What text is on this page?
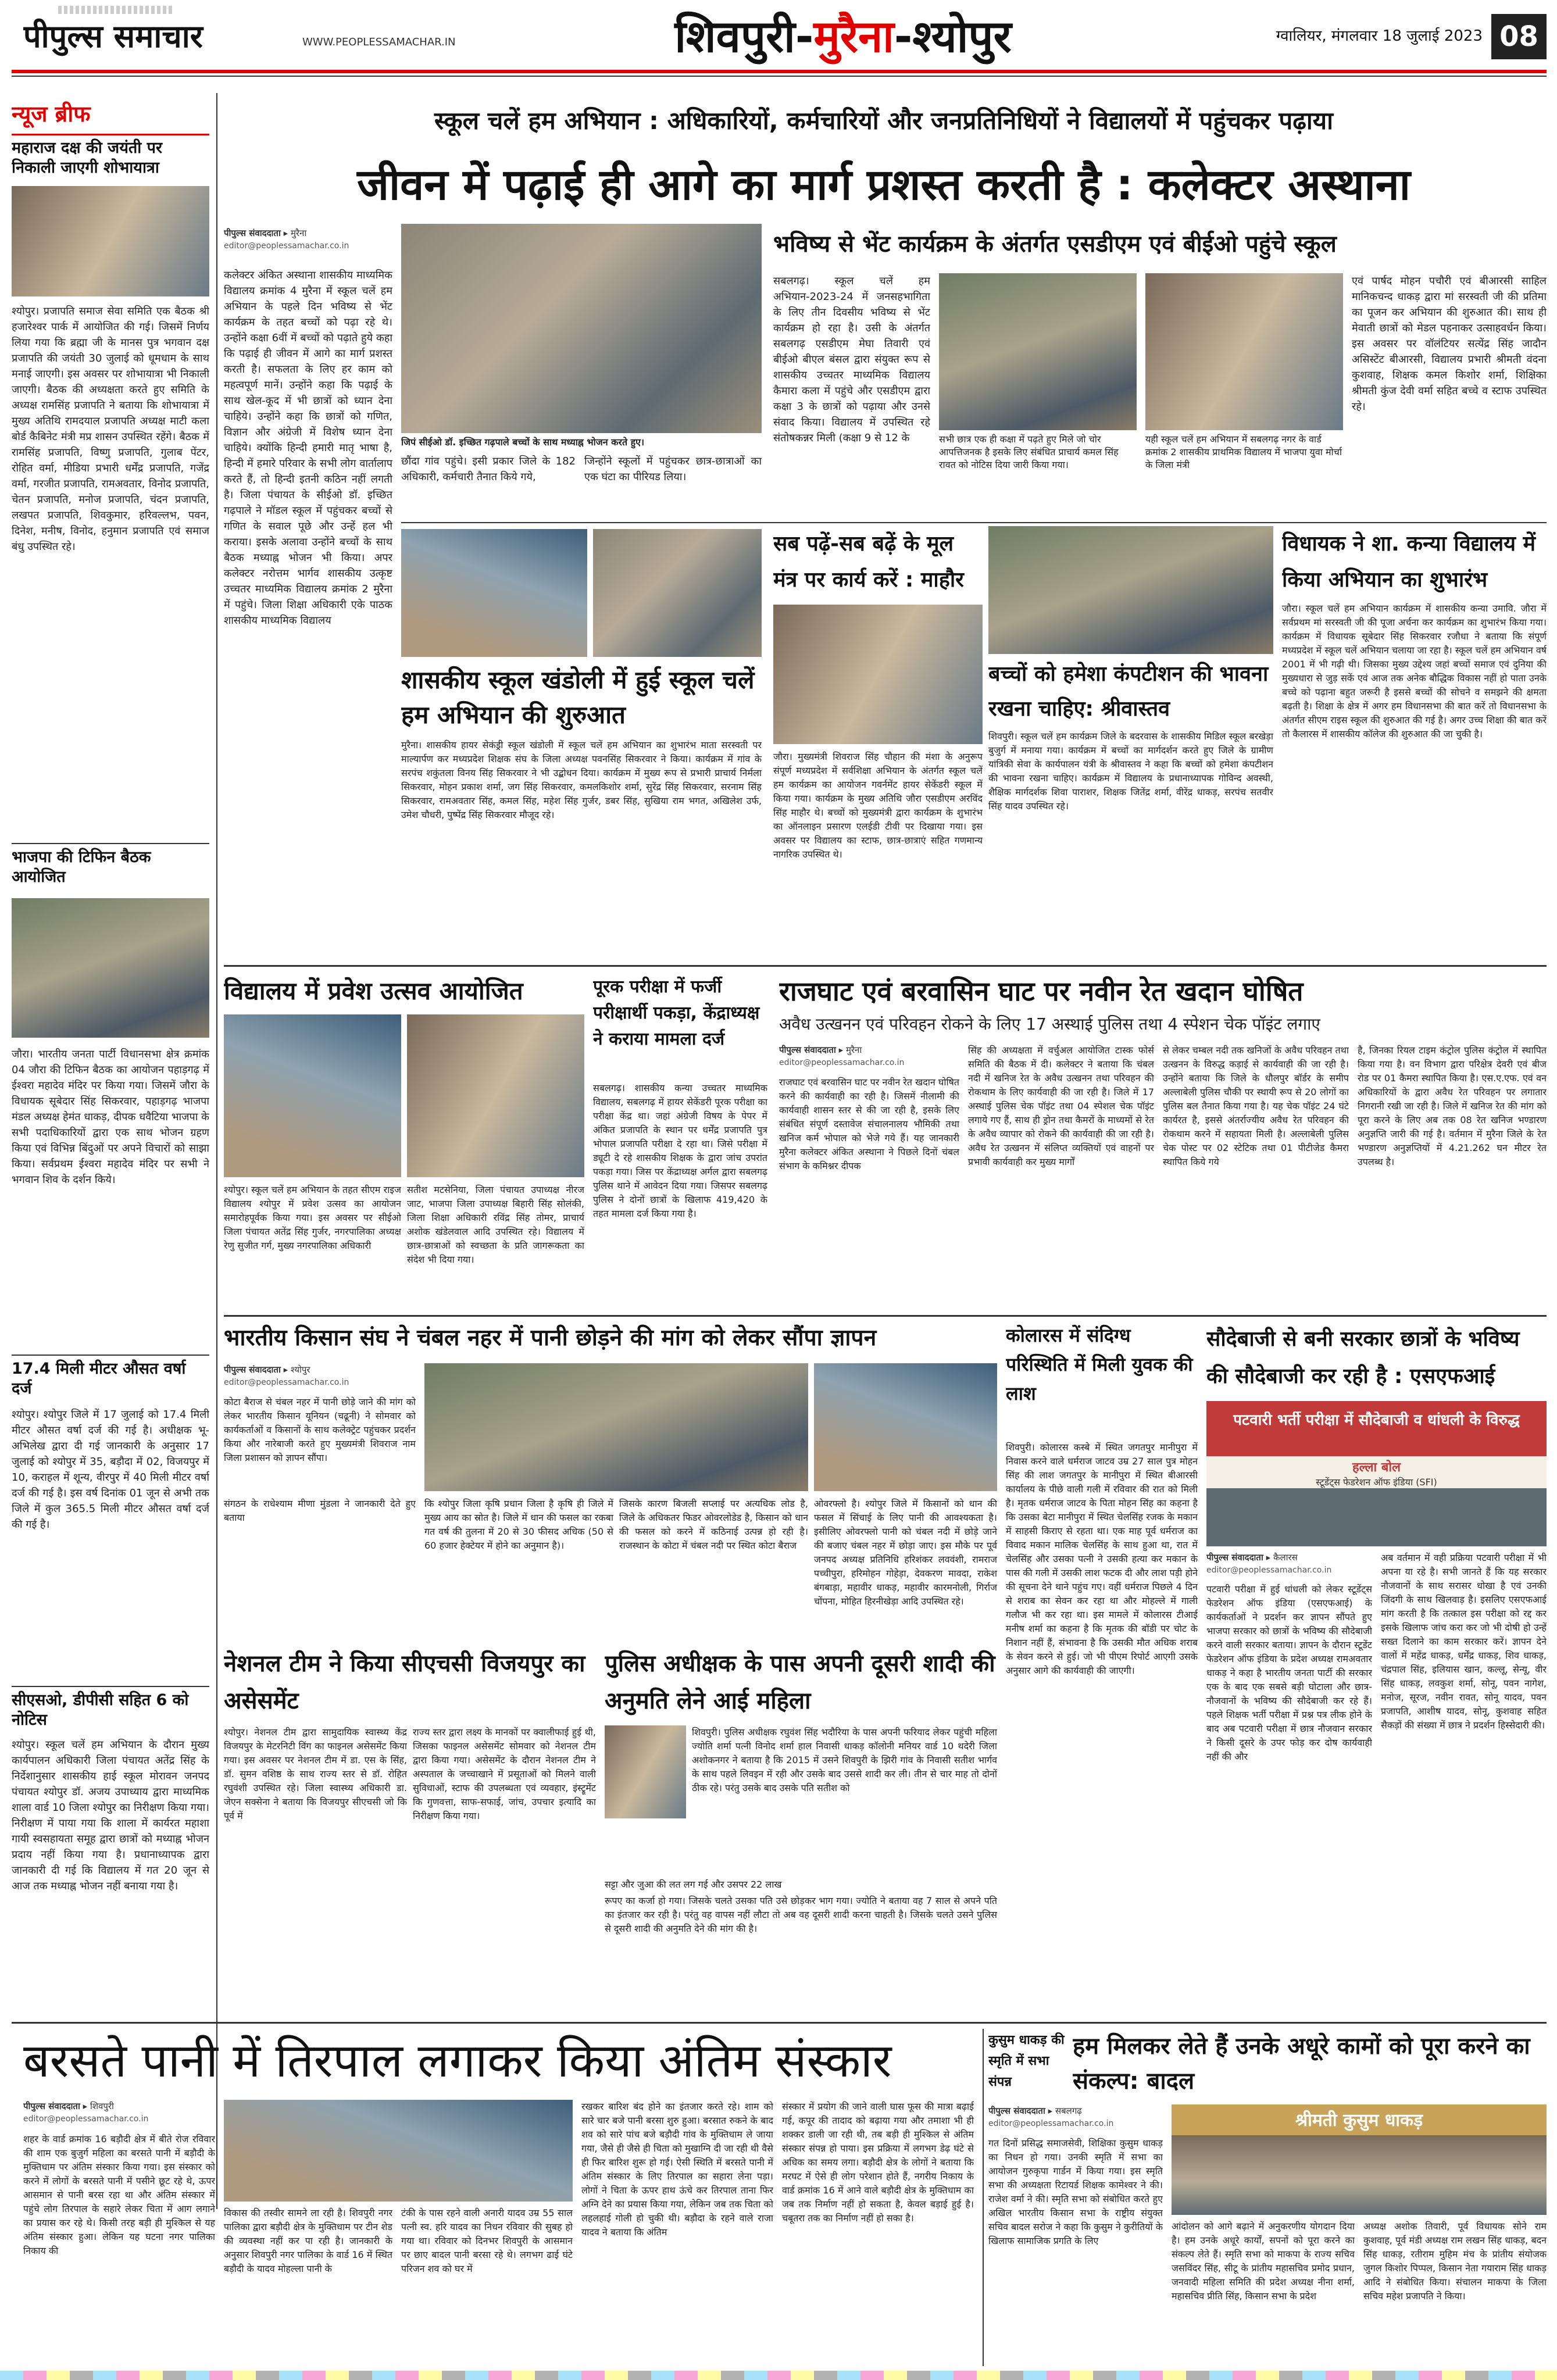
पीपुल्स समाचार	WWW.PEOPLESSAMACHAR.IN	शिवपुरी-मुरैना-श्योपुर	ग्वालियर, मंगलवार 18 जुलाई 2023 08
न्यूज ब्रीफ
महाराज दक्ष की जयंती पर निकाली जाएगी शोभायात्रा
श्योपुर। प्रजापति समाज सेवा समिति एक बैठक श्री हजारेश्वर पार्क में आयोजित की गई। जिसमें निर्णय लिया गया कि ब्रह्मा जी के मानस पुत्र भगवान दक्ष प्रजापति की जयंती 30 जुलाई को धूमधाम के साथ मनाई जाएगी। इस अवसर पर शोभायात्रा भी निकाली जाएगी। बैठक की अध्यक्षता करते हुए समिति के अध्यक्ष रामसिंह प्रजापति ने बताया कि शोभायात्रा में मुख्य अतिथि रामदयाल प्रजापति अध्यक्ष माटी कला बोर्ड कैबिनेट मंत्री मप्र शासन उपस्थित रहेंगे। बैठक में रामसिंह प्रजापति, विष्णु प्रजापति, गुलाब पेंटर, रोहित वर्मा, मीडिया प्रभारी धर्मेंद्र प्रजापति, गजेंद्र वर्मा, गरजीत प्रजापति, रामअवतार, विनोद प्रजापति, चेतन प्रजापति, मनोज प्रजापति, चंदन प्रजापति, लखपत प्रजापति, शिवकुमार, हरिवल्लभ, पवन, दिनेश, मनीष, विनोद, हनुमान प्रजापति एवं समाज बंधु उपस्थित रहे।
भाजपा की टिफिन बैठक आयोजित
जौरा। भारतीय जनता पार्टी विधानसभा क्षेत्र क्रमांक 04 जौरा की टिफिन बैठक का आयोजन पहाड़गढ़ में ईश्वरा महादेव मंदिर पर किया गया। जिसमें जौरा के विधायक सूबेदार सिंह सिकरवार, पहाड़गढ़ भाजपा मंडल अध्यक्ष हेमंत धाकड़, दीपक धवैटिया भाजपा के सभी पदाधिकारियों द्वारा एक साथ भोजन ग्रहण किया एवं विभिन्न बिंदुओं पर अपने विचारों को साझा किया। सर्वप्रथम ईश्वरा महादेव मंदिर पर सभी ने भगवान शिव के दर्शन किये।
17.4 मिली मीटर औसत वर्षा दर्ज
श्योपुर। श्योपुर जिले में 17 जुलाई को 17.4 मिली मीटर औसत वर्षा दर्ज की गई है। अधीक्षक भू-अभिलेख द्वारा दी गई जानकारी के अनुसार 17 जुलाई को श्योपुर में 35, बड़ौदा में 02, विजयपुर में 10, कराहल में शून्य, वीरपुर में 40 मिली मीटर वर्षा दर्ज की गई है। इस वर्ष दिनांक 01 जून से अभी तक जिले में कुल 365.5 मिली मीटर औसत वर्षा दर्ज की गई है।
सीएसओ, डीपीसी सहित 6 को नोटिस
श्योपुर। स्कूल चलें हम अभियान के दौरान मुख्य कार्यपालन अधिकारी जिला पंचायत अतेंद्र सिंह के निर्देशानुसार शासकीय हाई स्कूल मोरावन जनपद पंचायत श्योपुर डॉ. अजय उपाध्याय द्वारा माध्यमिक शाला वार्ड 10 जिला श्योपुर का निरीक्षण किया गया। निरीक्षण में पाया गया कि शाला में कार्यरत महाशा गायी स्वसहायता समूह द्वारा छात्रों को मध्याह्न भोजन प्रदाय नहीं किया गया है। प्रधानाध्यापक द्वारा जानकारी दी गई कि विद्यालय में गत 20 जून से आज तक मध्याह्न भोजन नहीं बनाया गया है।
स्कूल चलें हम अभियान : अधिकारियों, कर्मचारियों और जनप्रतिनिधियों ने विद्यालयों में पहुंचकर पढ़ाया
जीवन में पढ़ाई ही आगे का मार्ग प्रशस्त करती है : कलेक्टर अस्थाना
पीपुल्स संवाददाता ▸ मुरैना
editor@peoplessamachar.co.in
कलेक्टर अंकित अस्थाना शासकीय माध्यमिक विद्यालय क्रमांक 4 मुरैना में स्कूल चलें हम अभियान के पहले दिन भविष्य से भेंट कार्यक्रम के तहत बच्चों को पढ़ा रहे थे। उन्होंने कक्षा 6वीं में बच्चों को पढ़ाते हुये कहा कि पढ़ाई ही जीवन में आगे का मार्ग प्रशस्त करती है। सफलता के लिए हर काम को महत्वपूर्ण मानें। उन्होंने कहा कि पढ़ाई के साथ खेल-कूद में भी छात्रों को ध्यान देना चाहिये। उन्होंने कहा कि छात्रों को गणित, विज्ञान और अंग्रेजी में विशेष ध्यान देना चाहिये। क्योंकि हिन्दी हमारी मातृ भाषा है, हिन्दी में हमारे परिवार के सभी लोग वार्तालाप करते हैं, तो हिन्दी इतनी कठिन नहीं लगती है। जिला पंचायत के सीईओ डॉ. इच्छित गढ़पाले ने मॉडल स्कूल में पहुंचकर बच्चों से गणित के सवाल पूछे और उन्हें हल भी कराया। इसके अलावा उन्होंने बच्चों के साथ बैठक मध्याह्न भोजन भी किया। अपर कलेक्टर नरोत्तम भार्गव शासकीय उत्कृष्ट उच्चतर माध्यमिक विद्यालय क्रमांक 2 मुरैना में पहुंचे। जिला शिक्षा अधिकारी एके पाठक शासकीय माध्यमिक विद्यालय
जिपं सीईओ डॉ. इच्छित गढ़पाले बच्चों के साथ मध्याह्न भोजन करते हुए।
छौंदा गांव पहुंचे। इसी प्रकार जिले के 182 अधिकारी, कर्मचारी तैनात किये गये,
जिन्होंने स्कूलों में पहुंचकर छात्र-छात्राओं का एक घंटा का पीरियड लिया।
भविष्य से भेंट कार्यक्रम के अंतर्गत एसडीएम एवं बीईओ पहुंचे स्कूल
सबलगढ़। स्कूल चलें हम अभियान-2023-24 में जनसहभागिता के लिए तीन दिवसीय भविष्य से भेंट कार्यक्रम हो रहा है। उसी के अंतर्गत सबलगढ़ एसडीएम मेघा तिवारी एवं बीईओ बीएल बंसल द्वारा संयुक्त रूप से शासकीय उच्चतर माध्यमिक विद्यालय कैमारा कला में पहुंचे और एसडीएम द्वारा कक्षा 3 के छात्रों को पढ़ाया और उनसे संवाद किया। विद्यालय में उपस्थित रहे संतोषकन्नर मिली (कक्षा 9 से 12 के	सभी छात्र एक ही कक्षा में पढ़ते हुए मिले जो चोर आपत्तिजनक है इसके लिए संबंधित प्राचार्य कमल सिंह रावत को नोटिस दिया जारी किया गया।
यही स्कूल चलें हम अभियान में सबलगढ़ नगर के वार्ड क्रमांक 2 शासकीय प्राथमिक विद्यालय में भाजपा युवा मोर्चा के जिला मंत्री
एवं पार्षद मोहन पचौरी एवं बीआरसी साहिल मानिकचन्द धाकड़ द्वारा मां सरस्वती जी की प्रतिमा का पूजन कर अभियान की शुरुआत की। साथ ही मेवाती छात्रों को मेडल पहनाकर उत्साहवर्धन किया। इस अवसर पर वॉलंटियर सत्येंद्र सिंह जादौन असिस्टेंट बीआरसी, विद्यालय प्रभारी श्रीमती वंदना कुशवाह, शिक्षक कमल किशोर शर्मा, शिक्षिका श्रीमती कुंज देवी वर्मा सहित बच्चे व स्टाफ उपस्थित रहे।
शासकीय स्कूल खंडोली में हुई स्कूल चलें हम अभियान की शुरुआत
मुरैना। शासकीय हायर सेकंड्री स्कूल खंडोली में स्कूल चलें हम अभियान का शुभारंभ माता सरस्वती पर माल्यार्पण कर मध्यप्रदेश शिक्षक संघ के जिला अध्यक्ष पवनसिंह सिकरवार ने किया। कार्यक्रम में गांव के सरपंच शकुंतला विनय सिंह सिकरवार ने भी उद्बोधन दिया। कार्यक्रम में मुख्य रूप से प्रभारी प्राचार्य निर्मला सिकरवार, मोहन प्रकाश शर्मा, जग सिंह सिकरवार, कमलकिशोर शर्मा, सुरेंद्र सिंह सिकरवार, सरनाम सिंह सिकरवार, रामअवतार सिंह, कमल सिंह, महेश सिंह गुर्जर, डबर सिंह, सुखिया राम भगत, अखिलेश उर्फ, उमेश चौधरी, पुष्पेंद्र सिंह सिकरवार मौजूद रहे।
सब पढ़ें-सब बढ़ें के मूल मंत्र पर कार्य करें : माहौर
जौरा। मुख्यमंत्री शिवराज सिंह चौहान की मंशा के अनुरूप संपूर्ण मध्यप्रदेश में सर्वशिक्षा अभियान के अंतर्गत स्कूल चलें हम कार्यक्रम का आयोजन गवर्नमेंट हायर सेकेंडरी स्कूल में किया गया। कार्यक्रम के मुख्य अतिथि जौरा एसडीएम अरविंद सिंह माहौर थे। बच्चों को मुख्यमंत्री द्वारा कार्यक्रम के शुभारंभ का ऑनलाइन प्रसारण एलईडी टीवी पर दिखाया गया। इस अवसर पर विद्यालय का स्टाफ, छात्र-छात्राएं सहित गणमान्य नागरिक उपस्थित थे।
बच्चों को हमेशा कंपटीशन की भावना रखना चाहिए: श्रीवास्तव
शिवपुरी। स्कूल चलें हम कार्यक्रम जिले के बदरवास के शासकीय मिडिल स्कूल बरखेड़ा बुजुर्ग में मनाया गया। कार्यक्रम में बच्चों का मार्गदर्शन करते हुए जिले के ग्रामीण यांत्रिकी सेवा के कार्यपालन यंत्री के श्रीवास्तव ने कहा कि बच्चों को हमेशा कंपटीशन की भावना रखना चाहिए। कार्यक्रम में विद्यालय के प्रधानाध्यापक गोविन्द अवस्थी, शैक्षिक मार्गदर्शक शिवा पाराशर, शिक्षक जितेंद्र शर्मा, वीरेंद्र धाकड़, सरपंच सतवीर सिंह यादव उपस्थित रहे।
विधायक ने शा. कन्या विद्यालय में किया अभियान का शुभारंभ
जौरा। स्कूल चलें हम अभियान कार्यक्रम में शासकीय कन्या उमावि. जौरा में सर्वप्रथम मां सरस्वती जी की पूजा अर्चना कर कार्यक्रम का शुभारंभ किया गया। कार्यक्रम में विधायक सूबेदार सिंह सिकरवार रजौधा ने बताया कि संपूर्ण मध्यप्रदेश में स्कूल चलें अभियान चलाया जा रहा है। स्कूल चलें हम अभियान वर्ष 2001 में भी गढ़ी थी। जिसका मुख्य उद्देश्य जहां बच्चों समाज एवं दुनिया की मुख्यधारा से जुड़ सकें एवं आज तक अनेक बौद्धिक विकास नहीं हो पाता उनके बच्चे को पढ़ाना बहुत जरूरी है इससे बच्चों की सोचने व समझने की क्षमता बढ़ती है। शिक्षा के क्षेत्र में अगर हम विधानसभा की बात करें तो विधानसभा के अंतर्गत सीएम राइस स्कूल की शुरुआत की गई है। अगर उच्च शिक्षा की बात करें तो कैलारस में शासकीय कॉलेज की शुरुआत की जा चुकी है।
विद्यालय में प्रवेश उत्सव आयोजित
श्योपुर। स्कूल चलें हम अभियान के तहत सीएम राइज विद्यालय श्योपुर में प्रवेश उत्सव का आयोजन समारोहपूर्वक किया गया। इस अवसर पर सीईओ जिला पंचायत अतेंद्र सिंह गुर्जर, नगरपालिका अध्यक्ष रेणु सुजीत गर्ग, मुख्य नगरपालिका अधिकारी
सतीश मटसेनिया, जिला पंचायत उपाध्यक्ष नीरज जाट, भाजपा जिला उपाध्यक्ष बिहारी सिंह सोलंकी, जिला शिक्षा अधिकारी रविंद्र सिंह तोमर, प्राचार्य अशोक खंडेलवाल आदि उपस्थित रहे। विद्यालय में छात्र-छात्राओं को स्वच्छता के प्रति जागरूकता का संदेश भी दिया गया।
पूरक परीक्षा में फर्जी परीक्षार्थी पकड़ा, केंद्राध्यक्ष ने कराया मामला दर्ज
सबलगढ़। शासकीय कन्या उच्चतर माध्यमिक विद्यालय, सबलगढ़ में हायर सेकेंडरी पूरक परीक्षा का परीक्षा केंद्र था। जहां अंग्रेजी विषय के पेपर में अंकित प्रजापति के स्थान पर धर्मेंद्र प्रजापति पुत्र भोपाल प्रजापति परीक्षा दे रहा था। जिसे परीक्षा में ड्यूटी दे रहे शासकीय शिक्षक के द्वारा जांच उपरांत पकड़ा गया। जिस पर केंद्राध्यक्ष अर्गल द्वारा सबलगढ़ पुलिस थाने में आवेदन दिया गया। जिसपर सबलगढ़ पुलिस ने दोनों छात्रों के खिलाफ 419,420 के तहत मामला दर्ज किया गया है।
राजघाट एवं बरवासिन घाट पर नवीन रेत खदान घोषित
अवैध उत्खनन एवं परिवहन रोकने के लिए 17 अस्थाई पुलिस तथा 4 स्पेशन चेक पॉइंट लगाए
पीपुल्स संवाददाता ▸ मुरैना
editor@peoplessamachar.co.in
राजघाट एवं बरवासिन घाट पर नवीन रेत खदान घोषित करने की कार्यवाही का रही है। जिसमें नीलामी की कार्यवाही शासन स्तर से की जा रही है, इसके लिए संबंधित संपूर्ण दस्तावेज संचालनालय भौमिकी तथा खनिज कर्म भोपाल को भेजे गये हैं। यह जानकारी मुरैना कलेक्टर अंकित अस्थाना ने पिछले दिनों चंबल संभाग के कमिश्नर दीपक
सिंह की अध्यक्षता में वर्चुअल आयोजित टास्क फोर्स समिति की बैठक में दी। कलेक्टर ने बताया कि चंबल नदी में खनिज रेत के अवैध उत्खनन तथा परिवहन की रोकथाम के लिए कार्यवाही की जा रही है। जिले में 17 अस्थाई पुलिस चेक पॉइंट तथा 04 स्पेशल चेक पॉइंट लगाये गए हैं, साथ ही ड्रोन तथा कैमरों के माध्यमों से रेत के अवैध व्यापार को रोकने की कार्यवाही की जा रही है। अवैध रेत उत्खनन में संलिप्त व्यक्तियों एवं वाहनों पर प्रभावी कार्यवाही कर मुख्य मार्गों
से लेकर चम्बल नदी तक खनिजों के अवैध परिवहन तथा उत्खनन के विरुद्ध कड़ाई से कार्यवाही की जा रही है। उन्होंने बताया कि जिले के धौलपुर बॉर्डर के समीप अल्लाबेली पुलिस चौकी पर स्थायी रूप से 20 लोगों का पुलिस बल तैनात किया गया है। यह चेक पॉइंट 24 घंटे कार्यरत है, इससे अंतर्राज्यीय अवैध रेत परिवहन की रोकथाम करने में सहायता मिली है। अल्लाबेली पुलिस चेक पोस्ट पर 02 स्टेटिक तथा 01 पीटीजेड कैमरा स्थापित किये गये
है, जिनका रियल टाइम कंट्रोल पुलिस कंट्रोल में स्थापित किया गया है। वन विभाग द्वारा परिक्षेत्र देवरी एवं बीज रोड पर 01 कैमरा स्थापित किया है। एस.ए.एफ. एवं वन अधिकारियों के द्वारा अवैध रेत परिवहन पर लगातार निगरानी रखी जा रही है। जिले में खनिज रेत की मांग को पूरा करने के लिए अब तक 08 रेत खनिज भण्डारण अनुज्ञप्ति जारी की गई है। वर्तमान में मुरैना जिले के रेत भण्डारण अनुज्ञप्तियों में 4.21.262 घन मीटर रेत उपलब्ध है।
भारतीय किसान संघ ने चंबल नहर में पानी छोड़ने की मांग को लेकर सौंपा ज्ञापन
पीपुल्स संवाददाता ▸ श्योपुर
editor@peoplessamachar.co.in
कोटा बैराज से चंबल नहर में पानी छोड़े जाने की मांग को लेकर भारतीय किसान यूनियन (चढूनी) ने सोमवार को कार्यकर्ताओं व किसानों के साथ कलेक्ट्रेट पहुंचकर प्रदर्शन किया और नारेबाजी करते हुए मुख्यमंत्री शिवराज नाम जिला प्रशासन को ज्ञापन सौंपा।
संगठन के राधेश्याम मीणा मुंडला ने जानकारी देते हुए बताया
कि श्योपुर जिला कृषि प्रधान जिला है कृषि ही जिले में मुख्य आय का स्रोत है। जिले में धान की फसल का रकबा गत वर्ष की तुलना में 20 से 30 फीसद अधिक (50 से 60 हजार हेक्टेयर में होने का अनुमान है)।
जिसके कारण बिजली सप्लाई पर अत्यधिक लोड है, जिले के अधिकतर फिडर ओवरलोडेड है, किसान को धान की फसल को करने में कठिनाई उत्पन्न हो रही है। राजस्थान के कोटा में चंबल नदी पर स्थित कोटा बैराज
ओवरफ्लो है। श्योपुर जिले में किसानों को धान की फसल में सिंचाई के लिए पानी की आवश्यकता है। इसीलिए ओवरफ्लो पानी को चंबल नदी में छोड़े जाने की बजाए चंबल नहर में छोड़ा जाए। इस मौके पर पूर्व जनपद अध्यक्ष प्रतिनिधि हरिशंकर लववंशी, रामराज पच्चीपुरा, हरिमोहन गोहेड़ा, देवकरण मावदा, राकेश बंगबाड़ा, महावीर धाकड़, महावीर कारमनोली, गिर्राज चोंपना, मोहित हिरनीखेड़ा आदि उपस्थित रहे।
नेशनल टीम ने किया सीएचसी विजयपुर का असेसमेंट
श्योपुर। नेशनल टीम द्वारा सामुदायिक स्वास्थ्य केंद्र विजयपुर के मेटरनिटी विंग का फाइनल असेसमेंट किया गया। इस अवसर पर नेशनल टीम में डा. एस के सिंह, डॉ. सुमन वशिष्ठ के साथ राज्य स्तर से डॉ. रोहित रघुवंशी उपस्थित रहे। जिला स्वास्थ्य अधिकारी डा. जेएन सक्सेना ने बताया कि विजयपुर सीएचसी जो कि पूर्व में
राज्य स्तर द्वारा लक्ष्य के मानकों पर क्वालीफाई हुई थी, जिसका फाइनल असेसमेंट सोमवार को नेशनल टीम द्वारा किया गया। असेसमेंट के दौरान नेशनल टीम ने अस्पताल के जच्चाखाने में प्रसूताओं को मिलने वाली सुविधाओं, स्टाफ की उपलब्धता एवं व्यवहार, इंस्ट्रूमेंट कि गुणवत्ता, साफ-सफाई, जांच, उपचार इत्यादि का निरीक्षण किया गया।
पुलिस अधीक्षक के पास अपनी दूसरी शादी की अनुमति लेने आई महिला
शिवपुरी। पुलिस अधीक्षक रघुवंश सिंह भदौरिया के पास अपनी फरियाद लेकर पहुंची महिला ज्योति शर्मा पत्नी विनोद शर्मा हाल निवासी धाकड़ कॉलोनी मनियर वार्ड 10 थदेरी जिला अशोकनगर ने बताया है कि 2015 में उसने शिवपुरी के झिरी गांव के निवासी सतीश भार्गव के साथ पहले लिवइन में रही और उसके बाद उससे शादी कर ली। तीन से चार माह तो दोनों ठीक रहे। परंतु उसके बाद उसके पति सतीश को
सट्टा और जुआ की लत लग गई और उसपर 22 लाख
रूपए का कर्जा हो गया। जिसके चलते उसका पति उसे छोड़कर भाग गया। ज्योति ने बताया वह 7 साल से अपने पति का इंतजार कर रही है। परंतु वह वापस नहीं लौटा तो अब वह दूसरी शादी करना चाहती है। जिसके चलते उसने पुलिस से दूसरी शादी की अनुमति देने की मांग की है।
कोलारस में संदिग्ध परिस्थिति में मिली युवक की लाश
शिवपुरी। कोलारस कस्बे में स्थित जगतपुर मानीपुरा में निवास करने वाले धर्मराज जाटव उम्र 27 साल पुत्र मोहन सिंह की लाश जगतपुर के मानीपुरा में स्थित बीआरसी कार्यालय के पीछे वाली गली में रविवार की रात को मिली है। मृतक धर्मराज जाटव के पिता मोहन सिंह का कहना है कि उसका बेटा मानीपुरा में स्थित चेलसिंह रजक के मकान में साहसी किराए से रहता था। एक माह पूर्व धर्मराज का विवाद मकान मालिक चेलसिंह के साथ हुआ था, रात में चेलसिंह और उसका पत्नी ने उसकी हत्या कर मकान के पास की गली में उसकी लाश फटक दी और लाश पड़ी होने की सूचना देने थाने पहुंच गए। वहीं धर्मराज पिछले 4 दिन से शराब का सेवन कर रहा था और मोहल्ले में गाली गलौज भी कर रहा था। इस मामले में कोलारस टीआई मनीष शर्मा का कहना है कि मृतक की बॉडी पर चोट के निशान नहीं हैं, संभावना है कि उसकी मौत अधिक शराब के सेवन करने से हुई। जो भी पीएम रिपोर्ट आएगी उसके अनुसार आगे की कार्यवाही की जाएगी।
सौदेबाजी से बनी सरकार छात्रों के भविष्य की सौदेबाजी कर रही है : एसएफआई
पटवारी भर्ती परीक्षा में सौदेबाजी व धांधली के विरुद्ध
हल्ला बोल
स्टूडेंट्स फेडरेशन ऑफ इंडिया (SFI)
पीपुल्स संवाददाता ▸ कैलारस
editor@peoplessamachar.co.in
पटवारी परीक्षा में हुई धांधली को लेकर स्टूडेंट्स फेडरेशन ऑफ इंडिया (एसएफआई) के कार्यकर्ताओं ने प्रदर्शन कर ज्ञापन सौंपते हुए भाजपा सरकार को छात्रों के भविष्य की सौदेबाजी करने वाली सरकार बताया। ज्ञापन के दौरान स्टूडेंट फेडरेशन ऑफ इंडिया के प्रदेश अध्यक्ष रामअवतार धाकड़ ने कहा है भारतीय जनता पार्टी की सरकार एक के बाद एक सबसे बड़ी घोटाला और छात्र-नौजवानों के भविष्य की सौदेबाजी कर रहे हैं। पहले शिक्षक भर्ती परीक्षा में प्रश्न पत्र लीक होने के बाद अब पटवारी परीक्षा में छात्र नौजवान सरकार ने किसी दूसरे के उपर फोड़ कर दोष कार्यवाही नहीं की और
अब वर्तमान में वही प्रक्रिया पटवारी परीक्षा में भी अपना या रहे है। सभी जानते हैं कि यह सरकार नौजवानों के साथ सरासर धोखा है एवं उनकी जिंदगी के साथ खिलवाड़ है। इसलिए एसएफआई मांग करती है कि तत्काल इस परीक्षा को रद्द कर इसके खिलाफ जांच करा कर जो भी दोषी हो उन्हें सख्त दिलाने का काम सरकार करें। ज्ञापन देने वालों में महेंद्र धाकड़, धर्मेंद्र धाकड़, शिव धाकड़, चंद्रपाल सिंह, इलियास खान, कल्लू, सेन्यू, वीर सिंह धाकड़, लवकुश शर्मा, सोनू, पवन नागेश, मनोज, सूरज, नवीन रावत, सोनू यादव, पवन प्रजापति, आशीष यादव, सोनू, कुशवाह सहित सैकड़ों की संख्या में छात्र ने प्रदर्शन हिस्सेदारी की।
बरसते पानी में तिरपाल लगाकर किया अंतिम संस्कार
पीपुल्स संवाददाता ▸ शिवपुरी
editor@peoplessamachar.co.in
शहर के वार्ड क्रमांक 16 बड़ौदी क्षेत्र में बीते रोज रविवार की शाम एक बुजुर्ग महिला का बरसते पानी में बड़ौदी के मुक्तिधाम पर अंतिम संस्कार किया गया। इस संस्कार को करने में लोगों के बरसते पानी में पसीने छूट रहे थे, ऊपर आसमान से पानी बरस रहा था और अंतिम संस्कार में पहुंचे लोग तिरपाल के सहारे लेकर चिता में आग लगाने का प्रयास कर रहे थे। किसी तरह बड़ी ही मुश्किल से यह अंतिम संस्कार हुआ। लेकिन यह घटना नगर पालिका निकाय की
विकास की तस्वीर सामने ला रही है। शिवपुरी नगर पालिका द्वारा बड़ौदी क्षेत्र के मुक्तिधाम पर टीन शेड की व्यवस्था नहीं कर पा रही है। जानकारी के अनुसार शिवपुरी नगर पालिका के वार्ड 16 में स्थित बड़ौदी के यादव मोहल्ला पानी के
टंकी के पास रहने वाली अनारी यादव उम्र 55 साल पत्नी स्व. हरि यादव का निधन रविवार की सुबह हो गया था। रविवार को दिनभर शिवपुरी के आसमान पर छाए बादल पानी बरसा रहे थे। लगभग ढाई घंटे परिजन शव को घर में
रखकर बारिश बंद होने का इंतजार करते रहे। शाम को सारे चार बजे पानी बरसा शुरु हुआ। बरसात रुकने के बाद शव को सारे पांच बजे बड़ौदी गांव के मुक्तिधाम ले जाया गया, जैसे ही जैसे ही चिता को मुखाग्नि दी जा रही थी वैसे ही फिर बारिश शुरू हो गई। ऐसी स्थिति में बरसते पानी में अंतिम संस्कार के लिए तिरपाल का सहारा लेना पड़ा। लोगों ने चिता के ऊपर हाथ ऊंचे कर तिरपाल ताना फिर अग्नि देने का प्रयास किया गया, लेकिन जब तक चिता को लहलहाई गोली हो चुकी थी। बड़ौदा के रहने वाले राजा यादव ने बताया कि अंतिम
संस्कार में प्रयोग की जाने वाली घास फूस की मात्रा बढ़ाई गई, कपूर की तादाद को बढ़ाया गया और तमाशा भी ही शक्कर डाली जा रही थी, तब बड़ी ही मुश्किल से अंतिम संस्कार संपन्न हो पाया। इस प्रक्रिया में लगभग डेढ़ घंटे से अधिक का समय लगा। बड़ौदी क्षेत्र के लोगों ने बताया कि मरघट में ऐसे ही लोग परेशान होते हैं, नगरीय निकाय के वार्ड क्रमांक 16 में आने वाले बड़ौदी क्षेत्र के मुक्तिधाम का जब तक निर्माण नहीं हो सकता है, केवल बड़ाई हुई है। चबूतरा तक का निर्माण नहीं हो सका है।
कुसुम धाकड़ की स्मृति में सभा संपन्न
हम मिलकर लेते हैं उनके अधूरे कामों को पूरा करने का संकल्प: बादल
पीपुल्स संवाददाता ▸ सबलगढ़
editor@peoplessamachar.co.in
गत दिनों प्रसिद्ध समाजसेवी, शिक्षिका कुसुम धाकड़ का निधन हो गया। उनकी स्मृति में सभा का आयोजन गुरुकृपा गार्डन में किया गया। इस स्मृति सभा की अध्यक्षता रिटायर्ड शिक्षक कामेश्वर ने की। राजेश वर्मा ने की। स्मृति सभा को संबोधित करते हुए अखिल भारतीय किसान सभा के राष्ट्रीय संयुक्त सचिव बादल सरोज ने कहा कि कुसुम ने कुरीतियों के खिलाफ सामाजिक प्रगति के लिए
श्रीमती कुसुम धाकड़
आंदोलन को आगे बढ़ाने में अनुकरणीय योगदान दिया है। हम उनके अधूरे कार्यों, सपनों को पूरा करने का संकल्प लेते हैं। स्मृति सभा को माकपा के राज्य सचिव जसविंदर सिंह, सीटू के प्रांतीय महासचिव प्रमोद प्रधान, जनवादी महिला समिति की प्रदेश अध्यक्ष नीना शर्मा, महासचिव प्रीति सिंह, किसान सभा के प्रदेश
अध्यक्ष अशोक तिवारी, पूर्व विधायक सोने राम कुशवाह, पूर्व मंडी अध्यक्ष राम लखन सिंह धाकड़, बदन सिंह धाकड़, रतीराम मुहिम मंच के प्रांतीय संयोजक जुगल किशोर पिप्पल, किसान नेता गयाराम सिंह धाकड़ आदि ने संबोधित किया। संचालन माकपा के जिला सचिव महेश प्रजापति ने किया।
